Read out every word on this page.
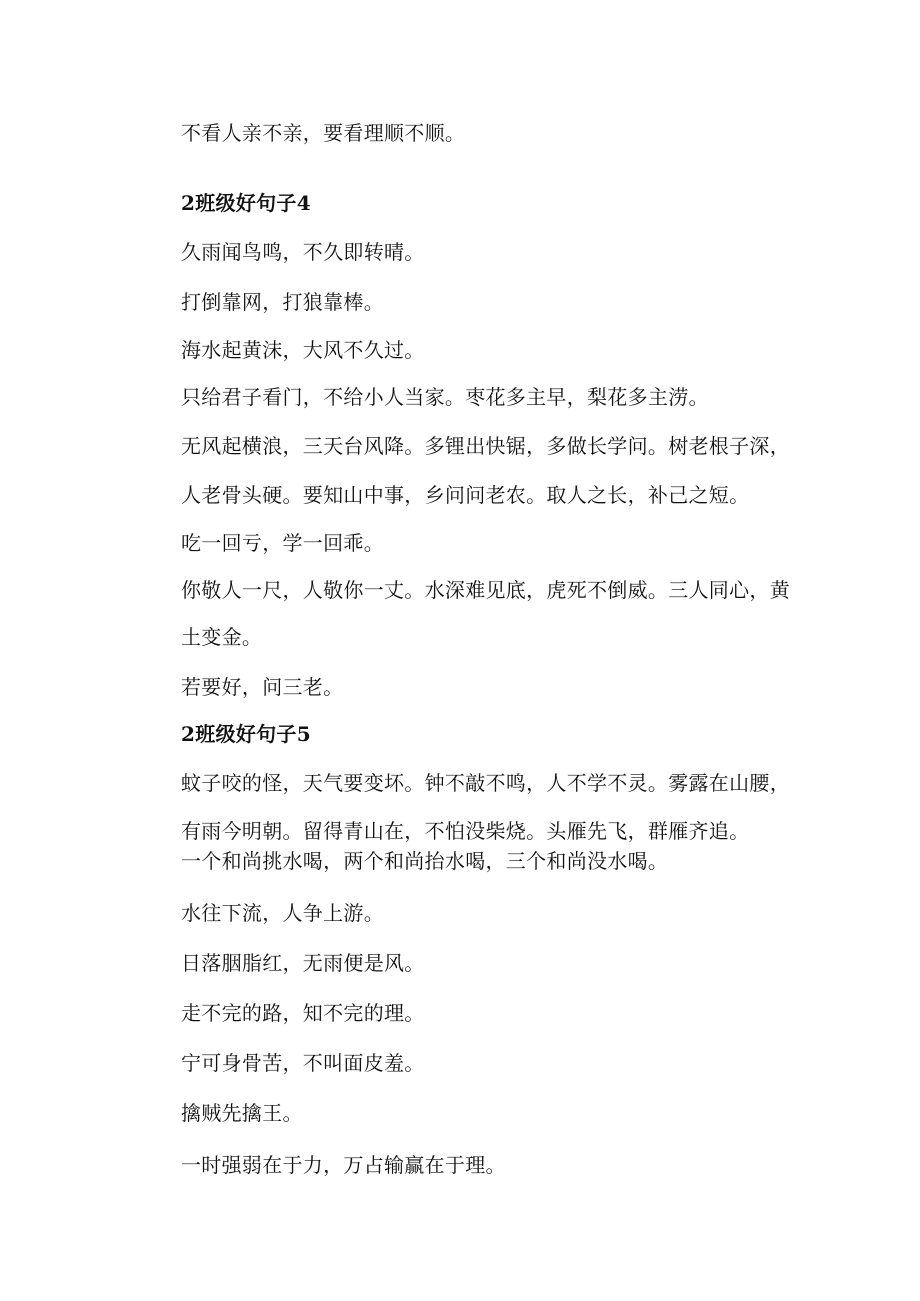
不看人亲不亲，要看理顺不顺。

2班级好句子4

久雨闻鸟鸣，不久即转晴。

打倒靠网，打狼靠棒。

海水起黄沫，大风不久过。

只给君子看门，不给小人当家。枣花多主早，梨花多主涝。

无风起横浪，三天台风降。多锂出快锯，多做长学问。树老根子深，

人老骨头硬。要知山中事，乡问问老农。取人之长，补己之短。

吃一回亏，学一回乖。

你敬人一尺，人敬你一丈。水深难见底，虎死不倒威。三人同心，黄

土变金。

若要好，问三老。

2班级好句子5

蚊子咬的怪，天气要变坏。钟不敲不鸣，人不学不灵。雾露在山腰，

有雨今明朝。留得青山在，不怕没柴烧。头雁先飞，群雁齐追。

一个和尚挑水喝，两个和尚抬水喝，三个和尚没水喝。

水往下流，人争上游。

日落胭脂红，无雨便是风。

走不完的路，知不完的理。

宁可身骨苦，不叫面皮羞。

擒贼先擒王。

一时强弱在于力，万占输赢在于理。
